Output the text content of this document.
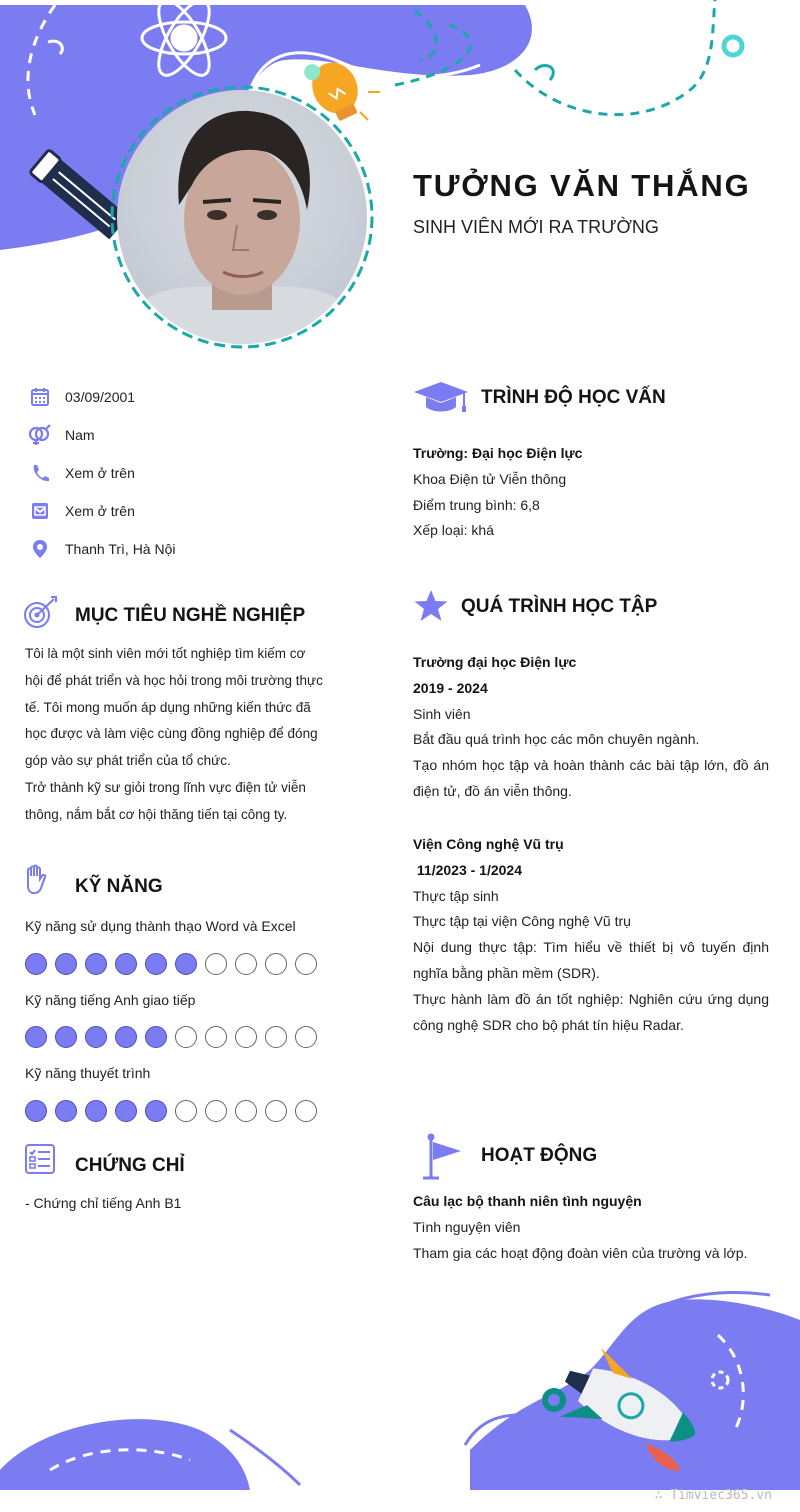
TƯỞNG VĂN THẮNG
SINH VIÊN MỚI RA TRƯỜNG
03/09/2001
Nam
Xem ở trên
Xem ở trên
Thanh Trì, Hà Nội
MỤC TIÊU NGHỀ NGHIỆP
Tôi là một sinh viên mới tốt nghiệp tìm kiếm cơ hội để phát triển và học hỏi trong môi trường thực tế. Tôi mong muốn áp dụng những kiến thức đã học được và làm việc cùng đồng nghiệp để đóng góp vào sự phát triển của tổ chức.
Trở thành kỹ sư giỏi trong lĩnh vực điện tử viễn thông, nắm bắt cơ hội thăng tiến tại công ty.
KỸ NĂNG
Kỹ năng sử dụng thành thạo Word và Excel
Kỹ năng tiếng Anh giao tiếp
Kỹ năng thuyết trình
CHỨNG CHỈ
- Chứng chỉ tiếng Anh B1
TRÌNH ĐỘ HỌC VẤN
Trường: Đại học Điện lực
Khoa Điện tử Viễn thông
Điểm trung bình: 6,8
Xếp loại: khá
QUÁ TRÌNH HỌC TẬP
Trường đại học Điện lực
2019 - 2024
Sinh viên
Bắt đầu quá trình học các môn chuyên ngành.
Tạo nhóm học tập và hoàn thành các bài tập lớn, đồ án điện tử, đồ án viễn thông.
Viện Công nghệ Vũ trụ
11/2023 - 1/2024
Thực tập sinh
Thực tập tại viện Công nghệ Vũ trụ
Nội dung thực tập: Tìm hiểu về thiết bị vô tuyến định nghĩa bằng phần mềm (SDR).
Thực hành làm đồ án tốt nghiệp: Nghiên cứu ứng dụng công nghệ SDR cho bộ phát tín hiệu Radar.
HOẠT ĐỘNG
Câu lạc bộ thanh niên tình nguyện
Tình nguyện viên
Tham gia các hoạt động đoàn viên của trường và lớp.
∴ Timviec365.vn
